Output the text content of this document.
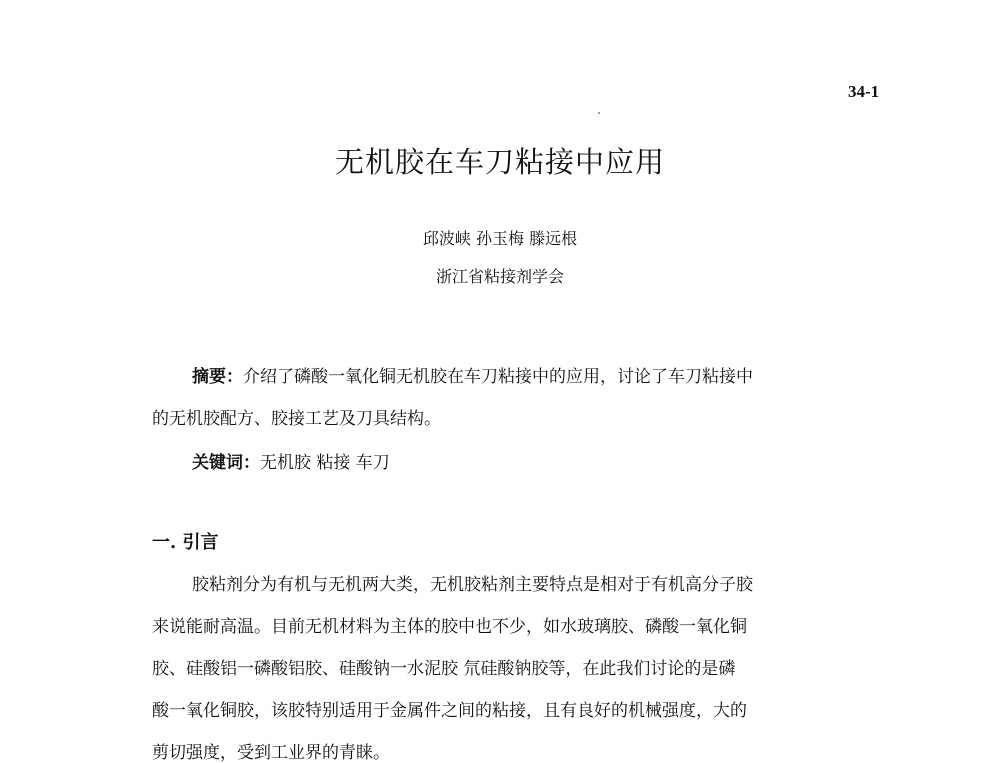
34-1
无机胶在车刀粘接中应用
邱波峡 孙玉梅 滕远根
浙江省粘接剂学会
摘要：介绍了磷酸一氧化铜无机胶在车刀粘接中的应用，讨论了车刀粘接中
的无机胶配方、胶接工艺及刀具结构。
关键词：无机胶 粘接 车刀
一. 引言
胶粘剂分为有机与无机两大类，无机胶粘剂主要特点是相对于有机高分子胶
来说能耐高温。目前无机材料为主体的胶中也不少，如水玻璃胶、磷酸一氧化铜
胶、硅酸铝一磷酸铝胶、硅酸钠一水泥胶 氘硅酸钠胶等，在此我们讨论的是磷
酸一氧化铜胶，该胶特别适用于金属件之间的粘接，且有良好的机械强度，大的
剪切强度，受到工业界的青睐。
